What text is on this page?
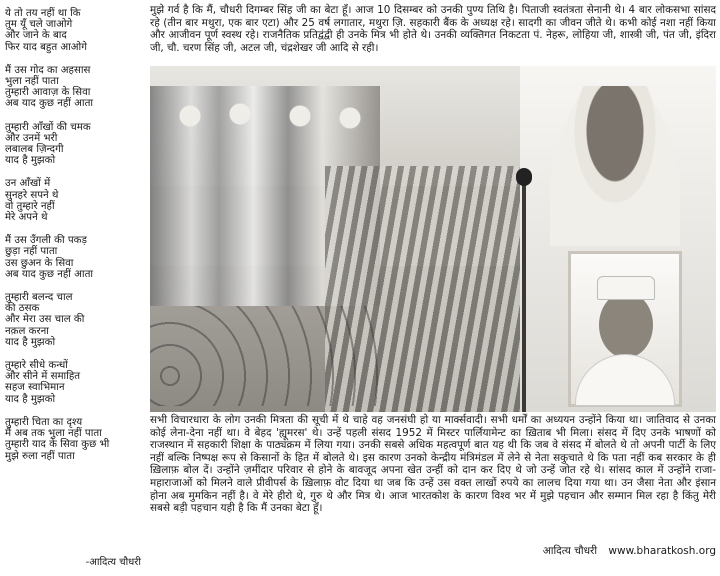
ये तो तय नहीं था कि
तुम यूँ चले जाओगे
और जाने के बाद
फिर याद बहुत आओगे
मैं उस गोद का अहसास
भुला नहीं पाता
तुम्हारी आवाज़ के सिवा
अब याद कुछ नहीं आता
तुम्हारी आँखों की चमक
और उनमें भरी
लबालब ज़िन्दगी
याद है मुझको
उन आँखों में
सुनहरे सपने थे
वो तुम्हारे नहीं
मेरे अपने थे
मैं उस उँगली की पकड़
छुड़ा नहीं पाता
उस छुअन के सिवा
अब याद कुछ नहीं आता
तुम्हारी बलन्द चाल
की ठसक
और मेरा उस चाल की
नक़ल करना
याद है मुझको
तुम्हारे सीधे कन्धों
और सीने में समाहित
सहज स्वाभिमान
याद है मुझको
तुम्हारी चिता का दृश्य
मैं अब तक भुला नहीं पाता
तुम्हारी याद के सिवा कुछ भी
मुझे रुला नहीं पाता
-आदित्य चौधरी
मुझे गर्व है कि मैं, चौधरी दिगम्बर सिंह जी का बेटा हूँ। आज 10 दिसम्बर को उनकी पुण्य तिथि है। पिताजी स्वतंत्रता सेनानी थे। 4 बार लोकसभा सांसद रहे (तीन बार मथुरा, एक बार एटा) और 25 वर्ष लगातार, मथुरा ज़ि. सहकारी बैंक के अध्यक्ष रहे। सादगी का जीवन जीते थे। कभी कोई नशा नहीं किया और आजीवन पूर्ण स्वस्थ रहे। राजनैतिक प्रतिद्वंद्वी ही उनके मित्र भी होते थे। उनकी व्यक्तिगत निकटता पं. नेहरू, लोहिया जी, शास्त्री जी, पंत जी, इंदिरा जी, चौ. चरण सिंह जी, अटल जी, चंद्रशेखर जी आदि से रही।
सभी विचारधारा के लोग उनकी मित्रता की सूची में थे चाहे वह जनसंघी हो या मार्क्सवादी। सभी धर्मों का अध्ययन उन्होंने किया था। जातिवाद से उनका कोई लेना-देना नहीं था। वे बेहद 'ह्यूमरस' थे। उन्हें पहली संसद 1952 में मिस्टर पार्लियामेन्ट का ख़िताब भी मिला। संसद में दिए उनके भाषणों को राजस्थान में सहकारी शिक्षा के पाठ्यक्रम में लिया गया। उनकी सबसे अधिक महत्वपूर्ण बात यह थी कि जब वे संसद में बोलते थे तो अपनी पार्टी के लिए नहीं बल्कि निष्पक्ष रूप से किसानों के हित में बोलते थे। इस कारण उनको केन्द्रीय मंत्रिमंडल में लेने से नेता सकुचाते थे कि पता नहीं कब सरकार के ही ख़िलाफ़ बोल दें। उन्होंने ज़मींदार परिवार से होने के बावजूद अपना खेत उन्हीं को दान कर दिए थे जो उन्हें जोत रहे थे। सांसद काल में उन्होंने राजा-महाराजाओं को मिलने वाले प्रीवीपर्स के ख़िलाफ़ वोट दिया था जब कि उन्हें उस वक्त लाखों रुपये का लालच दिया गया था। उन जैसा नेता और इंसान होना अब मुमकिन नहीं है। वे मेरे हीरो थे, गुरु थे और मित्र थे। आज भारतकोश के कारण विश्व भर में मुझे पहचान और सम्मान मिल रहा है किंतु मेरी सबसे बड़ी पहचान यही है कि मैं उनका बेटा हूँ।
आदित्य चौधरी www.bharatkosh.org
